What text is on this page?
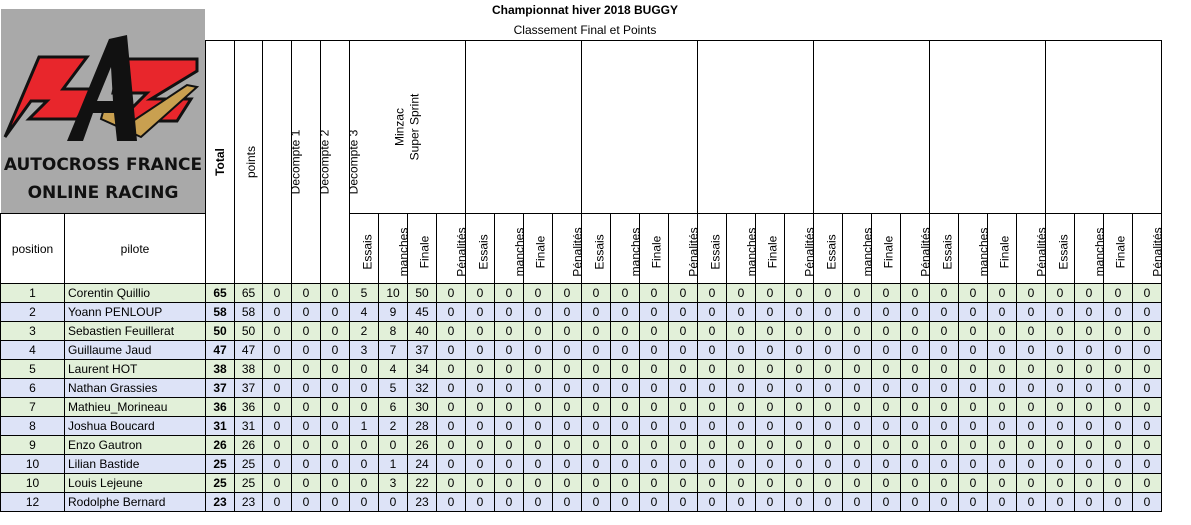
AUTOCROSS FRANCE
ONLINE RACING
Championnat hiver 2018 BUGGY
Classement Final et Points
		Total	points	Decompte 1	Decompte 2	Decompte 3	Minzac Super Sprint																											

position	pilote						Essais	manches	Finale	Pénalités	Essais	manches	Finale	Pénalités	Essais	manches	Finale	Pénalités	Essais	manches	Finale	Pénalités	Essais	manches	Finale	Pénalités	Essais	manches	Finale	Pénalités	Essais	manches	Finale	Pénalités
1	Corentin Quillio	65	65	0	0	0	5	10	50	0	0	0	0	0	0	0	0	0	0	0	0	0	0	0	0	0	0	0	0	0	0	0	0	0
2	Yoann PENLOUP	58	58	0	0	0	4	9	45	0	0	0	0	0	0	0	0	0	0	0	0	0	0	0	0	0	0	0	0	0	0	0	0	0
3	Sebastien Feuillerat	50	50	0	0	0	2	8	40	0	0	0	0	0	0	0	0	0	0	0	0	0	0	0	0	0	0	0	0	0	0	0	0	0
4	Guillaume Jaud	47	47	0	0	0	3	7	37	0	0	0	0	0	0	0	0	0	0	0	0	0	0	0	0	0	0	0	0	0	0	0	0	0
5	Laurent HOT	38	38	0	0	0	0	4	34	0	0	0	0	0	0	0	0	0	0	0	0	0	0	0	0	0	0	0	0	0	0	0	0	0
6	Nathan Grassies	37	37	0	0	0	0	5	32	0	0	0	0	0	0	0	0	0	0	0	0	0	0	0	0	0	0	0	0	0	0	0	0	0
7	Mathieu_Morineau	36	36	0	0	0	0	6	30	0	0	0	0	0	0	0	0	0	0	0	0	0	0	0	0	0	0	0	0	0	0	0	0	0
8	Joshua Boucard	31	31	0	0	0	1	2	28	0	0	0	0	0	0	0	0	0	0	0	0	0	0	0	0	0	0	0	0	0	0	0	0	0
9	Enzo Gautron	26	26	0	0	0	0	0	26	0	0	0	0	0	0	0	0	0	0	0	0	0	0	0	0	0	0	0	0	0	0	0	0	0
10	Lilian Bastide	25	25	0	0	0	0	1	24	0	0	0	0	0	0	0	0	0	0	0	0	0	0	0	0	0	0	0	0	0	0	0	0	0
10	Louis Lejeune	25	25	0	0	0	0	3	22	0	0	0	0	0	0	0	0	0	0	0	0	0	0	0	0	0	0	0	0	0	0	0	0	0
12	Rodolphe Bernard	23	23	0	0	0	0	0	23	0	0	0	0	0	0	0	0	0	0	0	0	0	0	0	0	0	0	0	0	0	0	0	0	0
